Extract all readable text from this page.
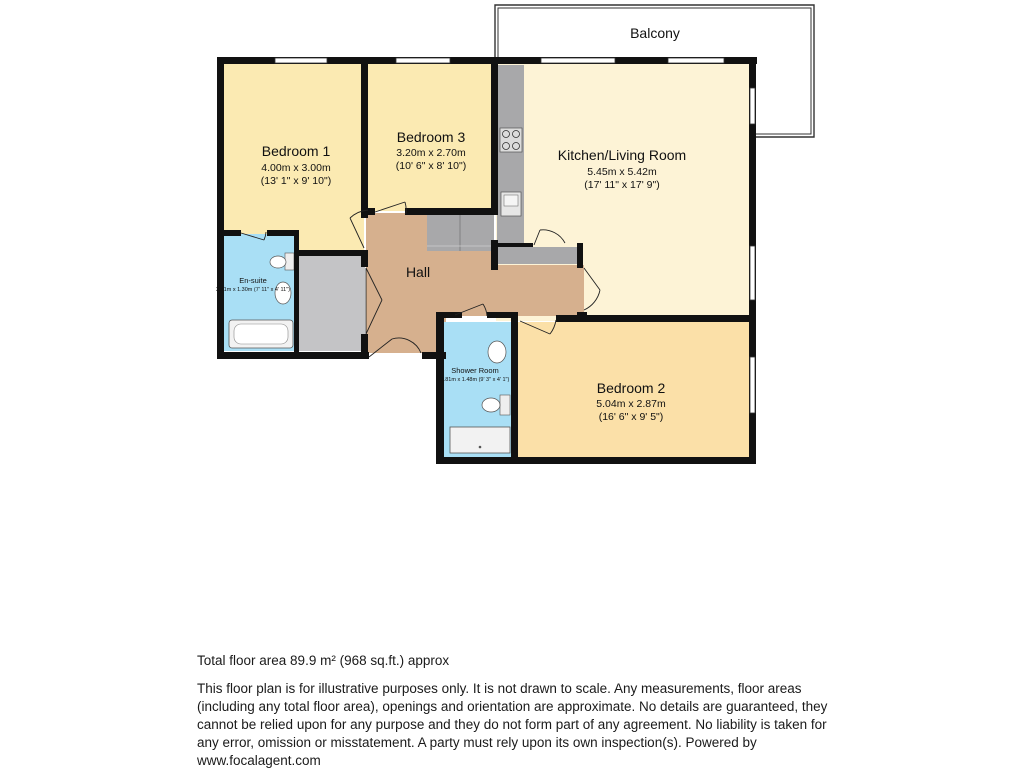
Balcony
Bedroom 1
4.00m x 3.00m
(13' 1" x 9' 10")
Bedroom 3
3.20m x 2.70m
(10' 6" x 8' 10")
Kitchen/Living Room
5.45m x 5.42m
(17' 11" x 17' 9")
Hall
En-suite
2.41m x 1.30m (7' 11" x 4' 11")
Shower Room
2.81m x 1.48m (9' 3" x 4' 1")	Bedroom 2
5.04m x 2.87m
(16' 6" x 9' 5")

Total floor area 89.9 m² (968 sq.ft.) approx

This floor plan is for illustrative purposes only. It is not drawn to scale. Any measurements, floor areas (including any total floor area), openings and orientation are approximate. No details are guaranteed, they cannot be relied upon for any purpose and they do not form part of any agreement. No liability is taken for any error, omission or misstatement. A party must rely upon its own inspection(s). Powered by www.focalagent.com
